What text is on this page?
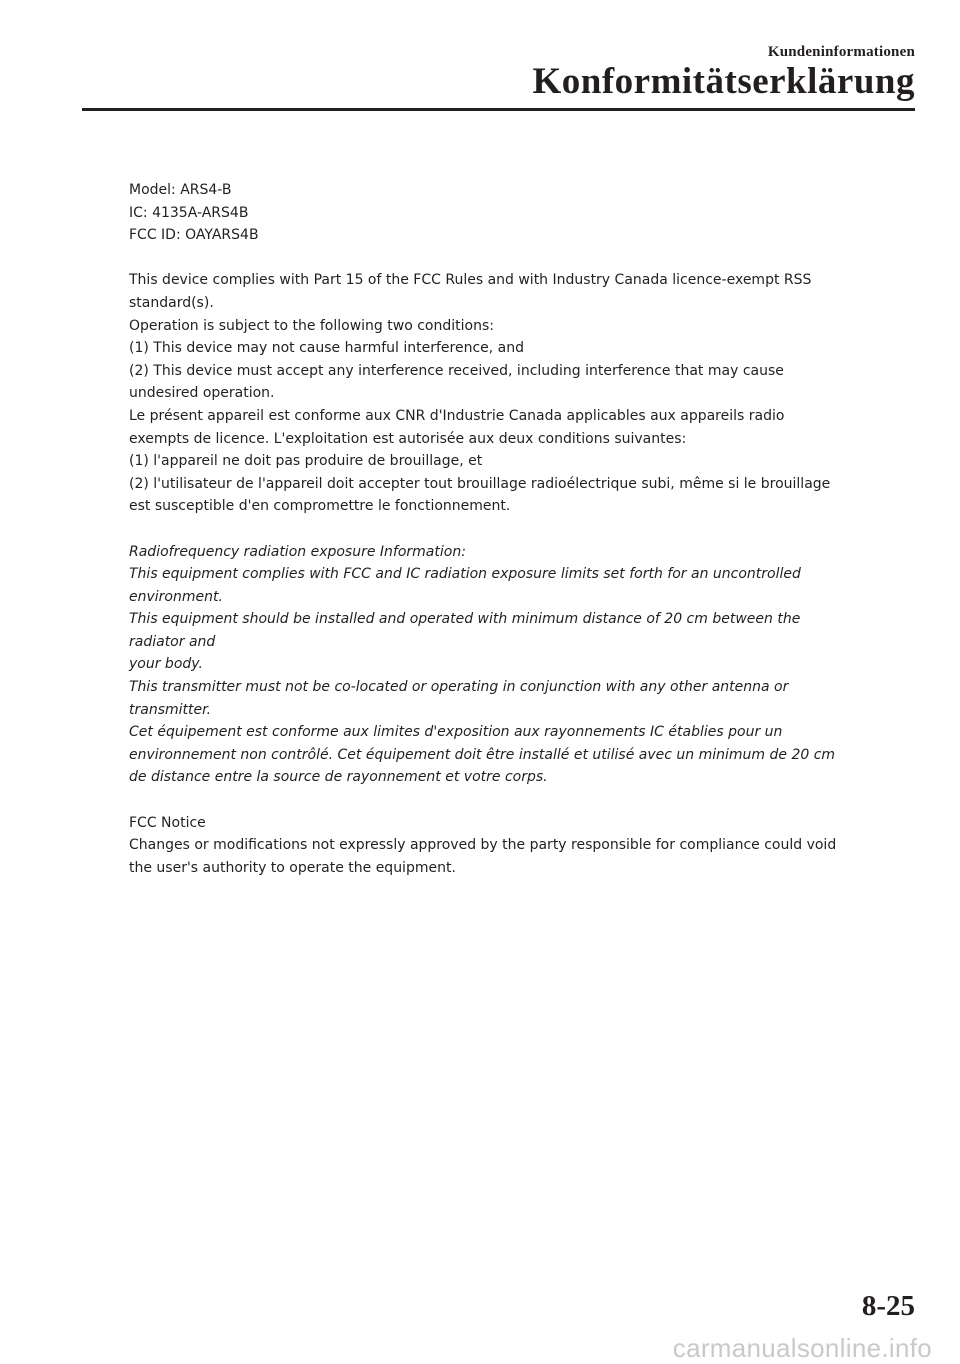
Kundeninformationen
Konformitätserklärung
Model: ARS4-B
IC: 4135A-ARS4B
FCC ID: OAYARS4B
This device complies with Part 15 of the FCC Rules and with Industry Canada licence-exempt RSS
standard(s).
Operation is subject to the following two conditions:
(1) This device may not cause harmful interference, and
(2) This device must accept any interference received, including interference that may cause
undesired operation.
Le présent appareil est conforme aux CNR d'Industrie Canada applicables aux appareils radio
exempts de licence. L'exploitation est autorisée aux deux conditions suivantes:
(1) l'appareil ne doit pas produire de brouillage, et
(2) l'utilisateur de l'appareil doit accepter tout brouillage radioélectrique subi, même si le brouillage
est susceptible d'en compromettre le fonctionnement.
Radiofrequency radiation exposure Information:
This equipment complies with FCC and IC radiation exposure limits set forth for an uncontrolled
environment.
This equipment should be installed and operated with minimum distance of 20 cm between the
radiator and
your body.
This transmitter must not be co-located or operating in conjunction with any other antenna or
transmitter.
Cet équipement est conforme aux limites d'exposition aux rayonnements IC établies pour un
environnement non contrôlé. Cet équipement doit être installé et utilisé avec un minimum de 20 cm
de distance entre la source de rayonnement et votre corps.
FCC Notice
Changes or modifications not expressly approved by the party responsible for compliance could void
the user's authority to operate the equipment.
8-25
carmanualsonline.info
